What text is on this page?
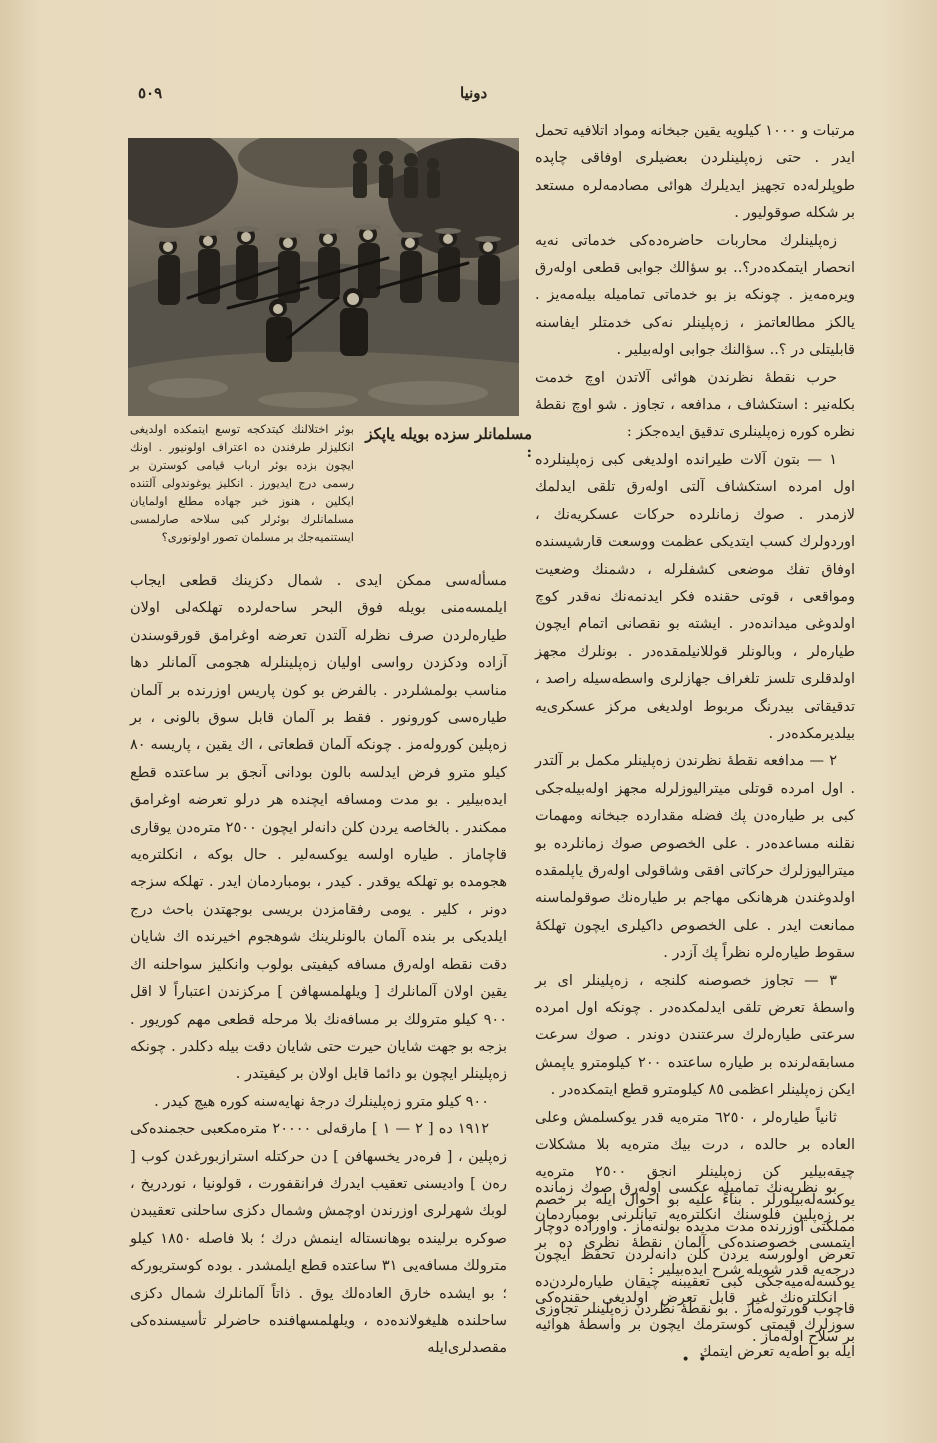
٥٠٩	دونیا
مسلمانلر سزده بویله یاپکز :
بوئر اختلالنك كیتدكجه توسع ایتمكده اولدیغی انكلیزلر طرفندن ده اعتراف اولونیور . اونك ایچون بزده بوئر ارباب قیامی كوسترن بر رسمی درج ایدیورز . انكلیز یوغوندولی آلتنده ایكلین ، هنوز خبر جهاده مطلع اولمایان مسلمانلرك بوئرلر كبی سلاحه صارلمسی ایستنمیه‌جك بر مسلمان تصور اولونوری؟

مرتبات و ١٠٠٠ كیلویه یقین جبخانه ومواد اتلافیه تحمل ایدر . حتی زەپلینلردن بعضیلری اوفاقی چاپده طوپلرله‌ده تجهیز ایدیلرك هوائی مصادمه‌لره مستعد بر شكله صوقولیور .

زەپلینلرك محاربات حاضره‌ده‌كی خدماتی نه‌یه انحصار ایتمكده‌در؟.. بو سؤالك جوابی قطعی اوله‌رق ویرەمەیز . چونكه بز بو خدماتی تمامیله بیلەمەیز . یالكز مطالعاتمز ، زەپلینلر نه‌كی خدمتلر ایفاسنه قابلیتلی در ؟.. سؤالنك جوابی اوله‌بیلیر .

حرب نقطهٔ نظرندن هوائی آلاتدن اوچ خدمت بكلەنیر : استكشاف ، مدافعه ، تجاوز . شو اوچ نقطهٔ نظره كوره زەپلینلری تدقیق ایده‌جكز :

١ — بتون آلات طیرانده اولدیغی كبی زەپلینلرده اول امرده استكشاف آلتی اوله‌رق تلقی ایدلمك لازمدر . صوك زمانلرده حركات عسكریه‌نك ، اوردولرك كسب ایتدیكی عظمت ووسعت قارشیسنده اوفاق تفك موضعی كشفلرله ، دشمنك وضعیت ومواقعی ، قوتی حقنده فكر ایدنمه‌نك نه‌قدر كوچ اولدوغی میداندەدر . ایشته بو نقصانی اتمام ایچون طیاره‌لر ، وبالونلر قوللانیلمقده‌در . بونلرك مجهز اولدقلری تلسز تلغراف جهازلری واسطه‌سیله راصد ، تدقیقاتی بیدرنگ مربوط اولدیغی مركز عسكری‌یه بیلدیرمكده‌در .

٢ — مدافعه نقطهٔ نظرندن زەپلینلر مكمل بر آلتدر . اول امرده قوتلی میترالیوزلرله مجهز اوله‌بیله‌جكی كبی بر طیاره‌دن پك فضله مقدارده جبخانه ومهمات نقلنه مساعده‌در . علی الخصوص صوك زمانلرده بو میترالیوزلرك حركاتی افقی وشاقولی اوله‌رق یاپلمقده اولدوغندن هرهانكی مهاجم بر طیاره‌نك صوقولماسنه ممانعت ایدر . علی الخصوص داكیلری ایچون تهلكهٔ سقوط طیاره‌لره نظراً پك آزدر .

٣ — تجاوز خصوصنه كلنجه ، زەپلینلر ای بر واسطهٔ تعرض تلقی ایدلمكده‌در . چونكه اول امرده سرعتی طیاره‌لرك سرعتندن دوندر . صوك سرعت مسابقه‌لرنده بر طیاره ساعتده ٢٠٠ كیلومترو یاپمش ایكن زەپلینلر اعظمی ٨٥ كیلومترو قطع ایتمكده‌در .

ثانیاً طیاره‌لر ، ٦٢٥٠ متره‌یه قدر یوكسلمش وعلی العاده بر حالده ، درت بیك متره‌یه بلا مشكلات چیقه‌بیلیر كن زەپلینلر انجق ٢٥٠٠ متره‌یه یوكسه‌له‌بیلورلر . بناءً علیه بو احوال ایله بر خصم مملكتی اوزرنده مدت مدیده بولنه‌ماز . واوراده دوچار تعرض اولورسه یردن كلن دانه‌لردن تحفظ ایچون یوكسه‌له‌میه‌جكی كبی تعقیبنه چیقان طیاره‌لردن‌ده قاچوب قورتوله‌ماز . بو نقطهٔ نظردن زەپلینلر تجاوزی بر سلاح اوله‌ماز .

• •

بو نظریه‌نك تمامیله عكسی اوله‌رق صوك زمانده بر زەپلین فلوسنك انكلتره‌یه تیانلرنی بومباردمان ایتمسی خصوصنده‌كی آلمان نقطهٔ نظری ده بر درجه‌یه قدر شویله شرح ایده‌بیلیر :

انكلتره‌نك غیر قابل تعرض اولدیغی حقنده‌كی سوزلرك قیمتی كوسترمك ایچون بر واسطهٔ هوائیه ایله بو آطه‌یه تعرض ایتمك

مسأله‌سی ممكن ایدی . شمال دكزینك قطعی ایجاب ایلمسه‌منی بویله فوق البحر ساحه‌لرده تهلكه‌لی اولان طیاره‌لردن صرف نظرله آلتدن تعرضه اوغرامق قورقوسندن آزاده ودكزدن رواسی اولیان زەپلینلرله هجومی آلمانلر دها مناسب بولمشلردر . بالفرض بو كون پاریس اوزرنده بر آلمان طیاره‌سی كورونور . فقط بر آلمان قابل سوق بالونی ، بر زەپلین كورولەمز . چونكه آلمان قطعاتی ، اك یقین ، پاریسه ٨٠ كیلو مترو فرض ایدلسه بالون بودانی آنجق بر ساعتده قطع ایده‌بیلیر . بو مدت ومسافه ایچنده هر درلو تعرضه اوغرامق ممكندر . بالخاصه یردن كلن دانه‌لر ایچون ٢٥٠٠ متره‌دن یوقاری قاچاماز . طیاره اولسه یوكسه‌لیر . حال بوكه ، انكلتره‌یه هجومده بو تهلكه یوقدر . كیدر ، بومباردمان ایدر . تهلكه سزجه دونر ، كلیر . یومی رفقامزدن بریسی بوجهتدن باحث درج ایلدیكی بر بنده آلمان بالونلرینك شوهجوم اخیرنده اك شایان دقت نقطه اوله‌رق مسافه كیفیتی بولوب وانكلیز سواحلنه اك یقین اولان آلمانلرك [ ویلهلمسهافن ] مركزندن اعتباراً لا اقل ٩٠٠ كیلو مترولك بر مسافه‌نك بلا مرحله قطعی مهم كوریور . بزجه بو جهت شایان حیرت حتی شایان دقت بیله دكلدر . چونكه زەپلینلر ایچون بو دائما قابل اولان بر كیفیتدر .

٩٠٠ كیلو مترو زەپلینلرك درجهٔ نهایه‌سنه كوره هیچ كیدر .

١٩١٢ ده [ ٢ — ١ ] مارقه‌لی ٢٠٠٠٠ متره‌مكعبی حجمنده‌كی زەپلین ، [ فرەدر یخسهافن ] دن حركتله استرازبورغدن كوب [ رەن ] وادیسنی تعقیب ایدرك فرانقفورت ، قولونیا ، نوردریخ ، لوبك شهرلری اوزرندن اوچمش وشمال دكزی ساحلنی تعقیبدن صوكره برلینده بوهانستاله اینمش درك ؛ بلا فاصله ١٨٥٠ كیلو مترولك مسافه‌یی ٣١ ساعتده قطع ایلمشدر . بوده كوستریوركه ؛ بو ایشده خارق العاده‌لك یوق . ذاتاً آلمانلرك شمال دكزی ساحلنده هلیغولانده‌ده ، ویلهلمسهافنده حاضرلر تأسیسنده‌كی مقصدلری‌ایله
